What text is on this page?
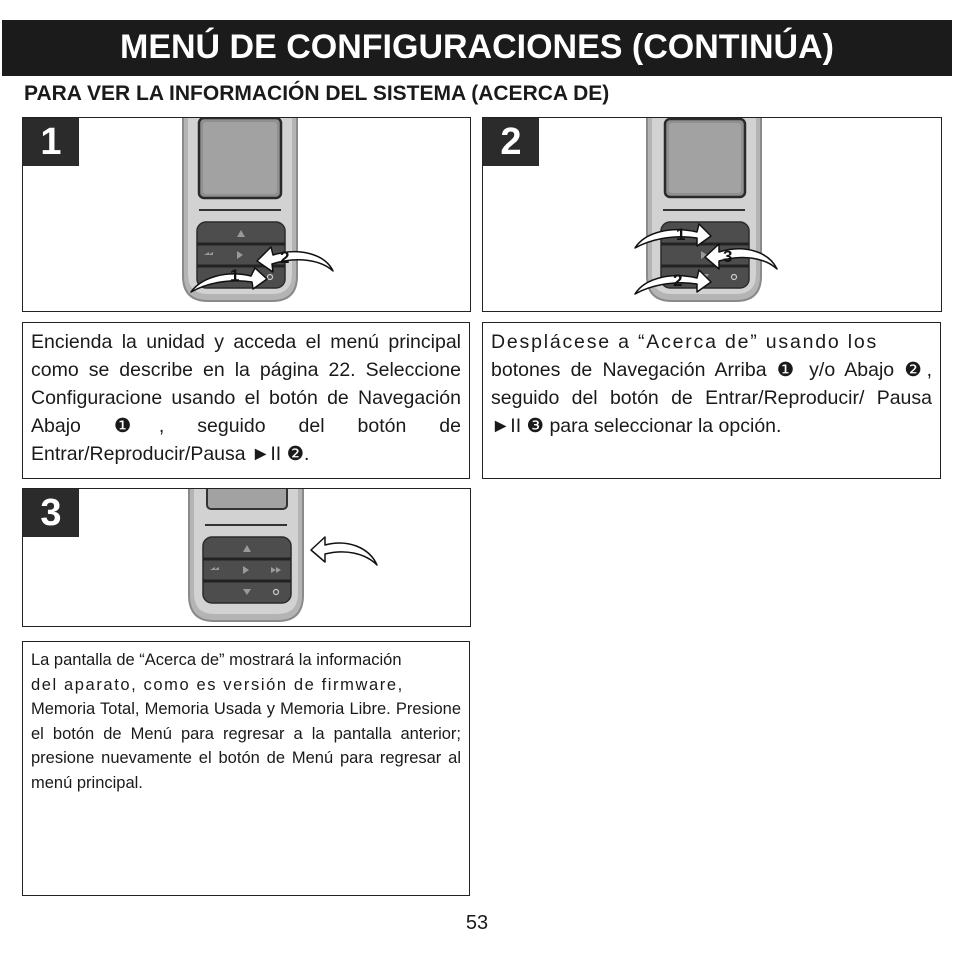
MENÚ DE CONFIGURACIONES (CONTINÚA)
PARA VER LA INFORMACIÓN DEL SISTEMA (ACERCA DE)
1
1
2
2
1
3
2
Encienda la unidad y acceda el menú principal como se describe en la página 22. Seleccione Configuracione usando el botón de Navegación Abajo ❶, seguido del botón de Entrar/Reproducir/Pausa ►II ❷.
Desplácese a “Acerca de” usando los
botones de Navegación Arriba ❶ y/o Abajo ❷, seguido del botón de Entrar/Reproducir/ Pausa ►II ❸ para seleccionar la opción.
3
La pantalla de “Acerca de” mostrará la información
del aparato, como es versión de firmware,
Memoria Total, Memoria Usada y Memoria Libre. Presione el botón de Menú para regresar a la pantalla anterior; presione nuevamente el botón de Menú para regresar al menú principal.
53
